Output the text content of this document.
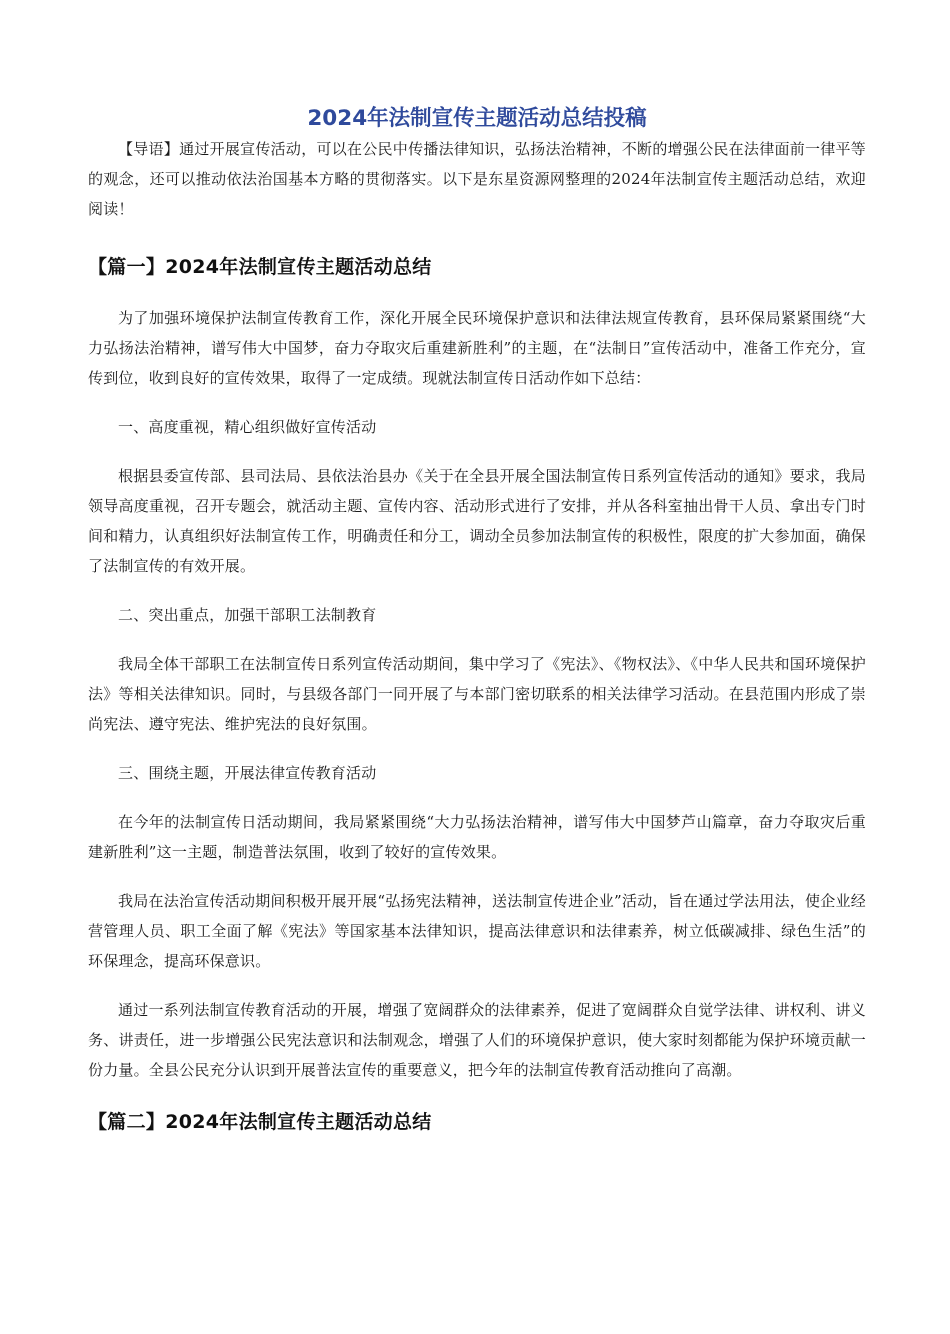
2024年法制宣传主题活动总结投稿

【导语】通过开展宣传活动，可以在公民中传播法律知识，弘扬法治精神，不断的增强公民在法律面前一律平等的观念，还可以推动依法治国基本方略的贯彻落实。以下是东星资源网整理的2024年法制宣传主题活动总结，欢迎阅读！

【篇一】2024年法制宣传主题活动总结

为了加强环境保护法制宣传教育工作，深化开展全民环境保护意识和法律法规宣传教育，县环保局紧紧围绕“大力弘扬法治精神，谱写伟大中国梦，奋力夺取灾后重建新胜利”的主题，在“法制日”宣传活动中，准备工作充分，宣传到位，收到良好的宣传效果，取得了一定成绩。现就法制宣传日活动作如下总结：

一、高度重视，精心组织做好宣传活动

根据县委宣传部、县司法局、县依法治县办《关于在全县开展全国法制宣传日系列宣传活动的通知》要求，我局领导高度重视，召开专题会，就活动主题、宣传内容、活动形式进行了安排，并从各科室抽出骨干人员、拿出专门时间和精力，认真组织好法制宣传工作，明确责任和分工，调动全员参加法制宣传的积极性，限度的扩大参加面，确保了法制宣传的有效开展。

二、突出重点，加强干部职工法制教育

我局全体干部职工在法制宣传日系列宣传活动期间，集中学习了《宪法》、《物权法》、《中华人民共和国环境保护法》等相关法律知识。同时，与县级各部门一同开展了与本部门密切联系的相关法律学习活动。在县范围内形成了崇尚宪法、遵守宪法、维护宪法的良好氛围。

三、围绕主题，开展法律宣传教育活动

在今年的法制宣传日活动期间，我局紧紧围绕“大力弘扬法治精神，谱写伟大中国梦芦山篇章，奋力夺取灾后重建新胜利”这一主题，制造普法氛围，收到了较好的宣传效果。

我局在法治宣传活动期间积极开展开展“弘扬宪法精神，送法制宣传进企业”活动，旨在通过学法用法，使企业经营管理人员、职工全面了解《宪法》等国家基本法律知识，提高法律意识和法律素养，树立低碳减排、绿色生活”的环保理念，提高环保意识。

通过一系列法制宣传教育活动的开展，增强了宽阔群众的法律素养，促进了宽阔群众自觉学法律、讲权利、讲义务、讲责任，进一步增强公民宪法意识和法制观念，增强了人们的环境保护意识，使大家时刻都能为保护环境贡献一份力量。全县公民充分认识到开展普法宣传的重要意义，把今年的法制宣传教育活动推向了高潮。

【篇二】2024年法制宣传主题活动总结
